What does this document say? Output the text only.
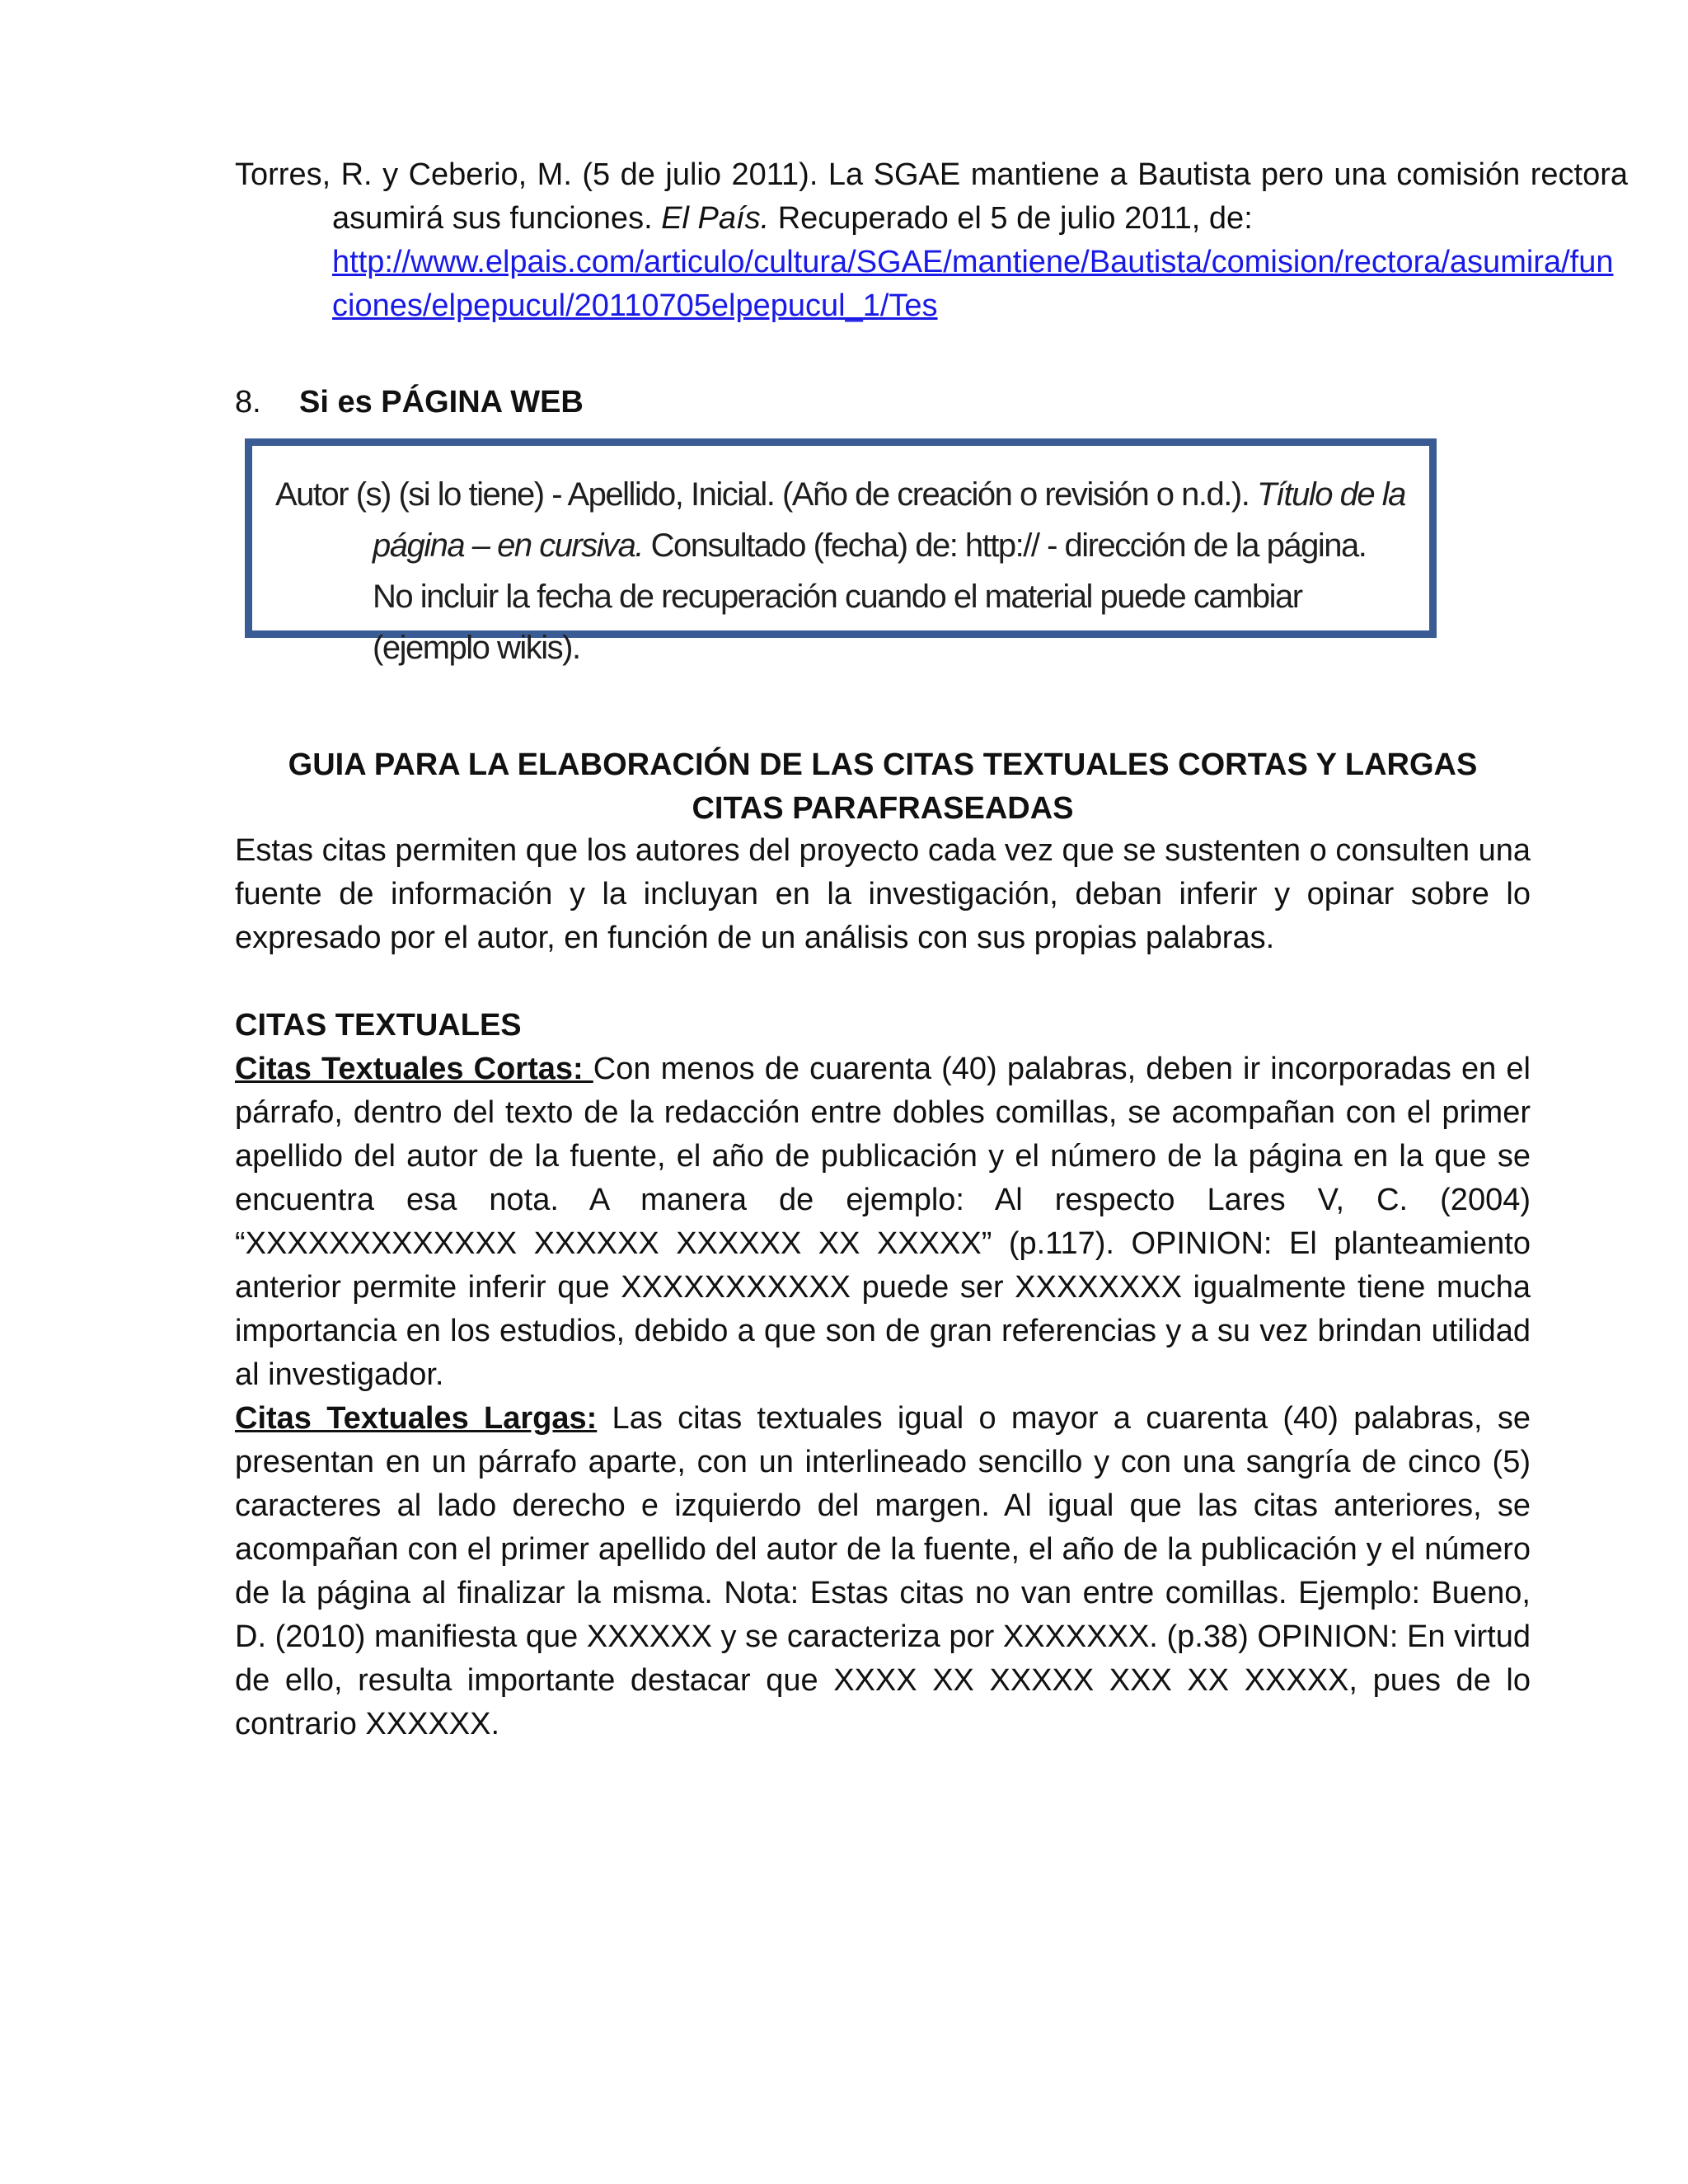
Torres, R. y Ceberio, M. (5 de julio 2011). La SGAE mantiene a Bautista pero una comisión rectora asumirá sus funciones. El País. Recuperado el 5 de julio 2011, de:
http://www.elpais.com/articulo/cultura/SGAE/mantiene/Bautista/comision/rectora/asumira/funciones/elpepucul/20110705elpepucul_1/Tes
8. Si es PÁGINA WEB
Autor (s) (si lo tiene) - Apellido, Inicial. (Año de creación o revisión o n.d.). Título de la página – en cursiva. Consultado (fecha) de: http:// - dirección de la página. No incluir la fecha de recuperación cuando el material puede cambiar (ejemplo wikis).
GUIA PARA LA ELABORACIÓN DE LAS CITAS TEXTUALES CORTAS Y LARGAS
CITAS PARAFRASEADAS
Estas citas permiten que los autores del proyecto cada vez que se sustenten o consulten una fuente de información y la incluyan en la investigación, deban inferir y opinar sobre lo expresado por el autor, en función de un análisis con sus propias palabras.
CITAS TEXTUALES
Citas Textuales Cortas: Con menos de cuarenta (40) palabras, deben ir incorporadas en el párrafo, dentro del texto de la redacción entre dobles comillas, se acompañan con el primer apellido del autor de la fuente, el año de publicación y el número de la página en la que se encuentra esa nota. A manera de ejemplo: Al respecto Lares V, C. (2004) “XXXXXXXXXXXXX XXXXXX XXXXXX XX XXXXX” (p.117). OPINION: El planteamiento anterior permite inferir que XXXXXXXXXXX puede ser XXXXXXXX igualmente tiene mucha importancia en los estudios, debido a que son de gran referencias y a su vez brindan utilidad al investigador.
Citas Textuales Largas: Las citas textuales igual o mayor a cuarenta (40) palabras, se presentan en un párrafo aparte, con un interlineado sencillo y con una sangría de cinco (5) caracteres al lado derecho e izquierdo del margen. Al igual que las citas anteriores, se acompañan con el primer apellido del autor de la fuente, el año de la publicación y el número de la página al finalizar la misma. Nota: Estas citas no van entre comillas. Ejemplo: Bueno, D. (2010) manifiesta que XXXXXX y se caracteriza por XXXXXXX. (p.38) OPINION: En virtud de ello, resulta importante destacar que XXXX XX XXXXX XXX XX XXXXX, pues de lo contrario XXXXXX.
